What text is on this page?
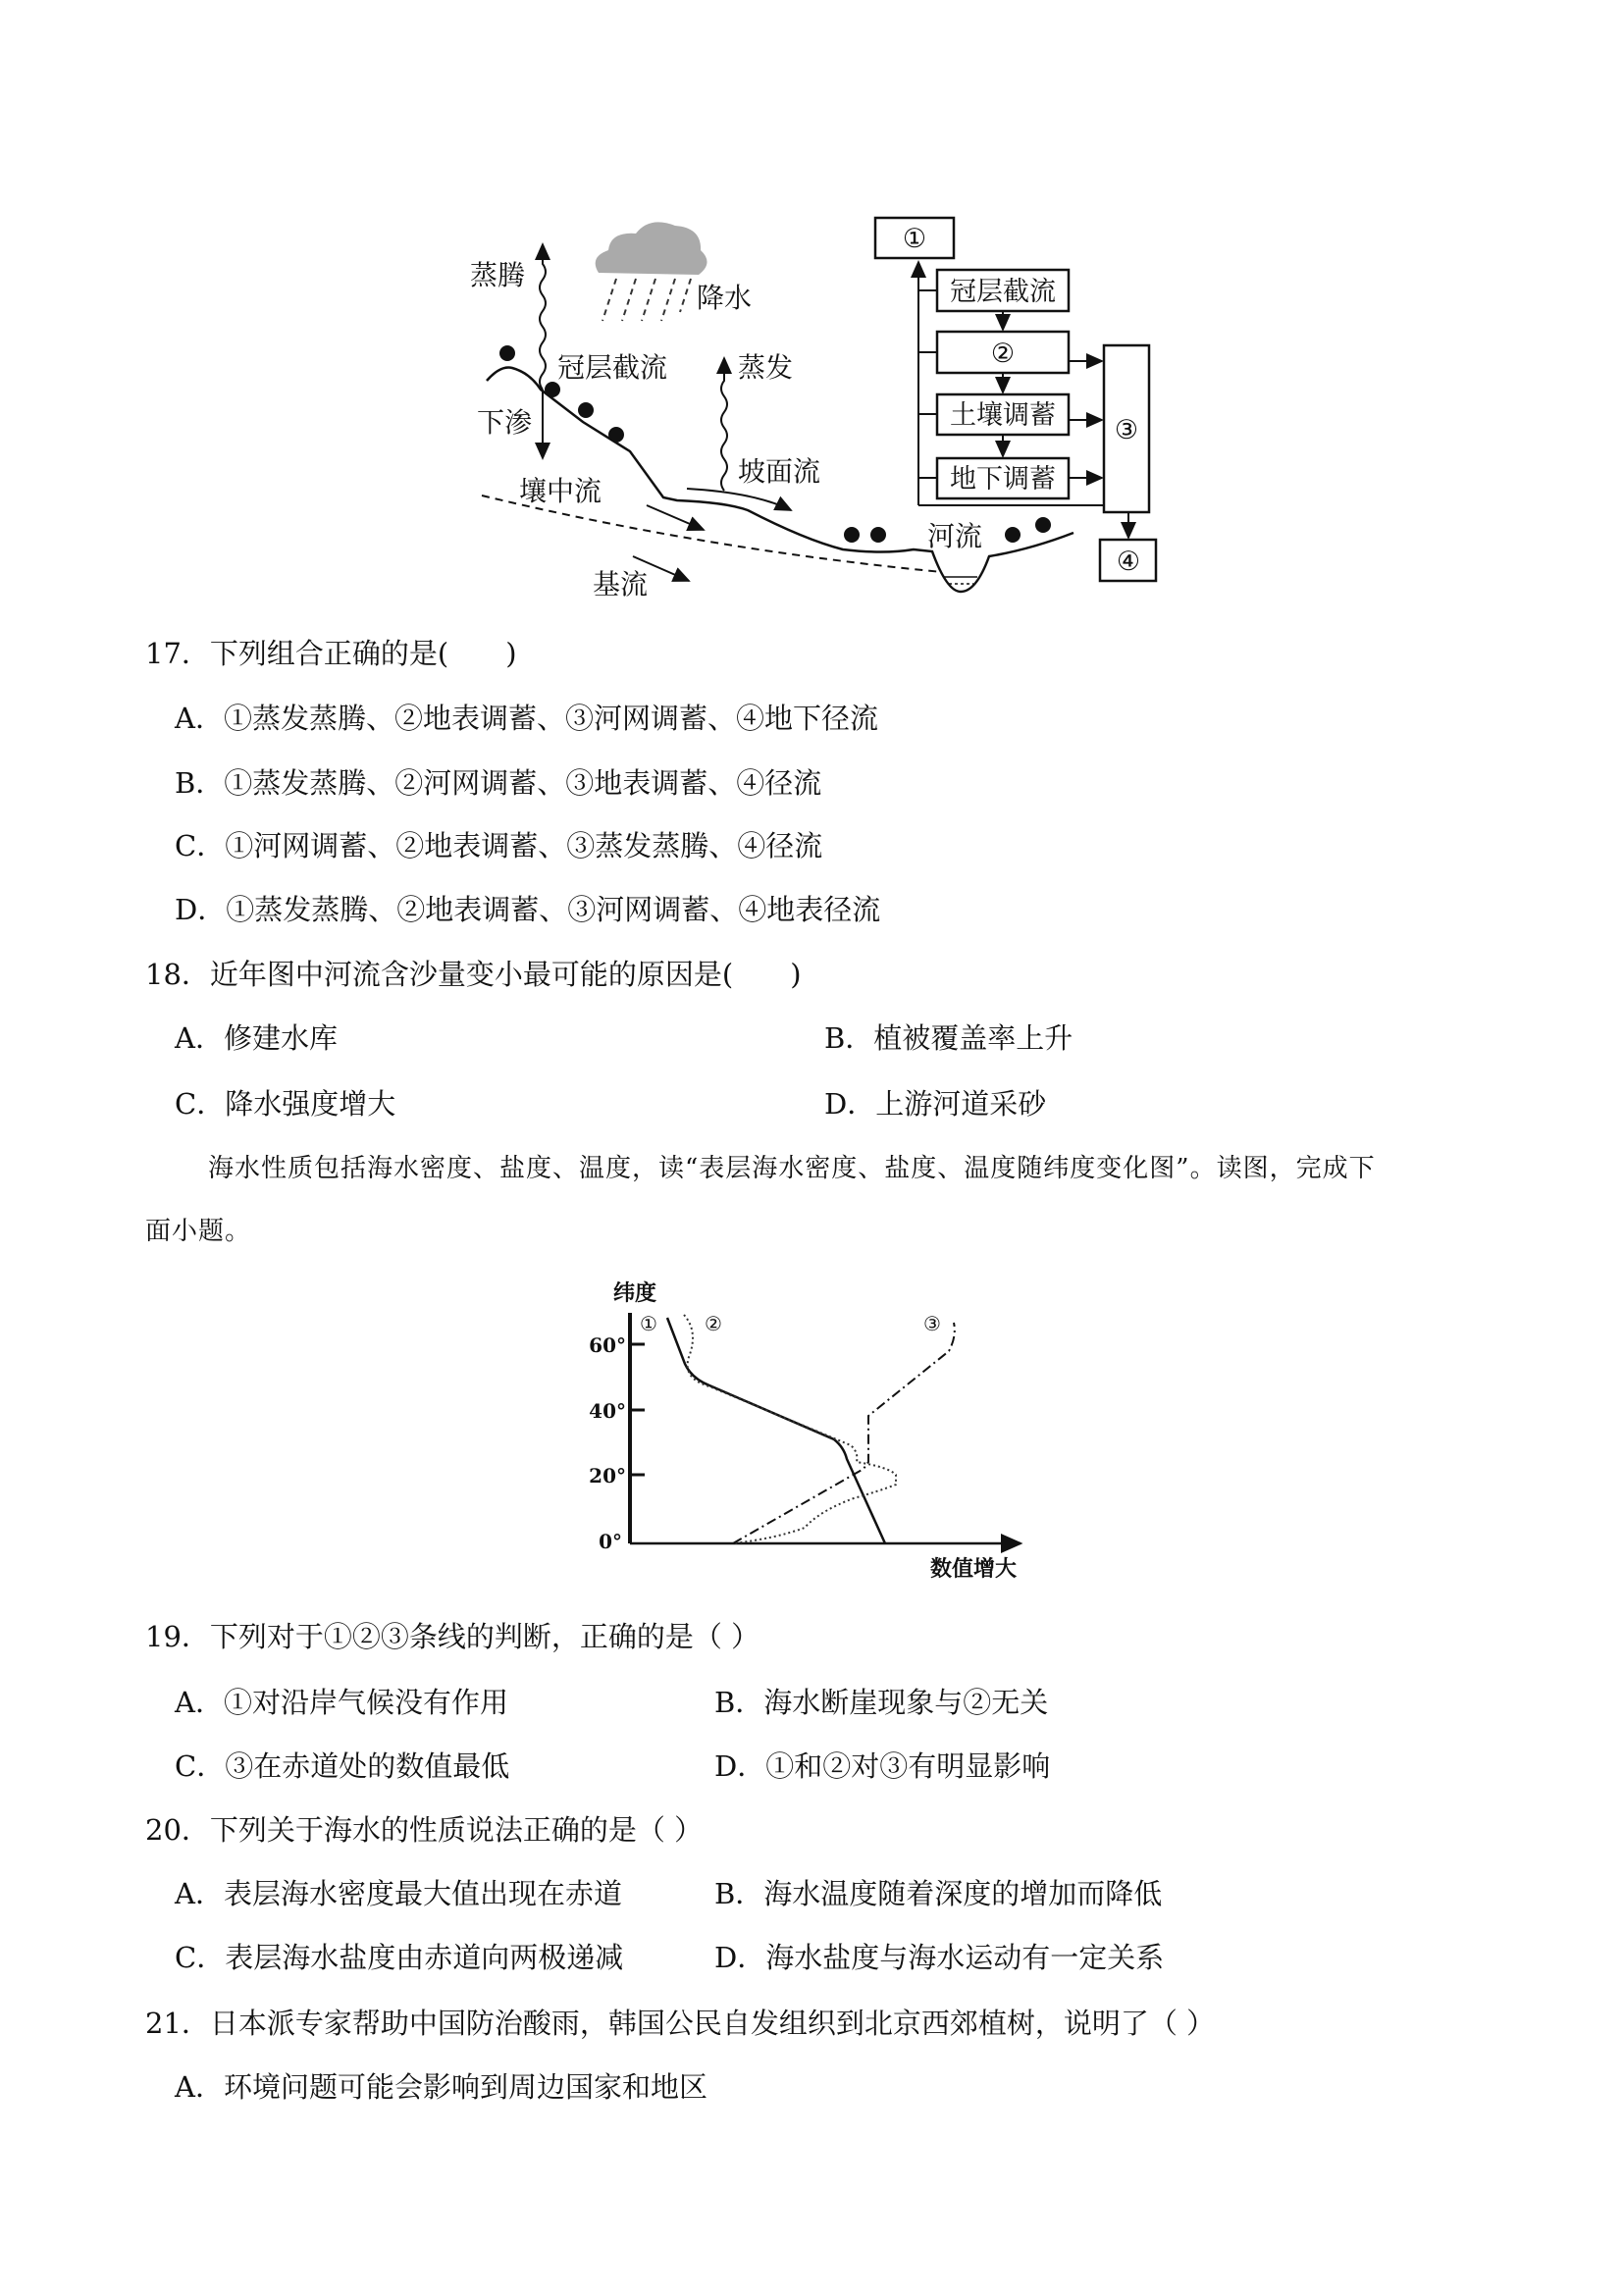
①
冠层截流
②
土壤调蓄
地下调蓄
③
④
蒸腾
降水
冠层截流	蒸发
下渗
坡面流
壤中流
河流
基流
60°
40°
20°
0°
纬度
数值增大
① ②	③
17．下列组合正确的是(　　)
A．①蒸发蒸腾、②地表调蓄、③河网调蓄、④地下径流
B．①蒸发蒸腾、②河网调蓄、③地表调蓄、④径流
C．①河网调蓄、②地表调蓄、③蒸发蒸腾、④径流
D．①蒸发蒸腾、②地表调蓄、③河网调蓄、④地表径流
18．近年图中河流含沙量变小最可能的原因是(　　)
A．修建水库	B．植被覆盖率上升
C．降水强度增大	D．上游河道采砂
海水性质包括海水密度、盐度、温度，读“表层海水密度、盐度、温度随纬度变化图”。读图，完成下
面小题。
19．下列对于①②③条线的判断，正确的是（ ）
A．①对沿岸气候没有作用	B．海水断崖现象与②无关
C．③在赤道处的数值最低	D．①和②对③有明显影响
20．下列关于海水的性质说法正确的是（ ）
A．表层海水密度最大值出现在赤道	B．海水温度随着深度的增加而降低
C．表层海水盐度由赤道向两极递减	D．海水盐度与海水运动有一定关系
21．日本派专家帮助中国防治酸雨，韩国公民自发组织到北京西郊植树，说明了（ ）
A．环境问题可能会影响到周边国家和地区
